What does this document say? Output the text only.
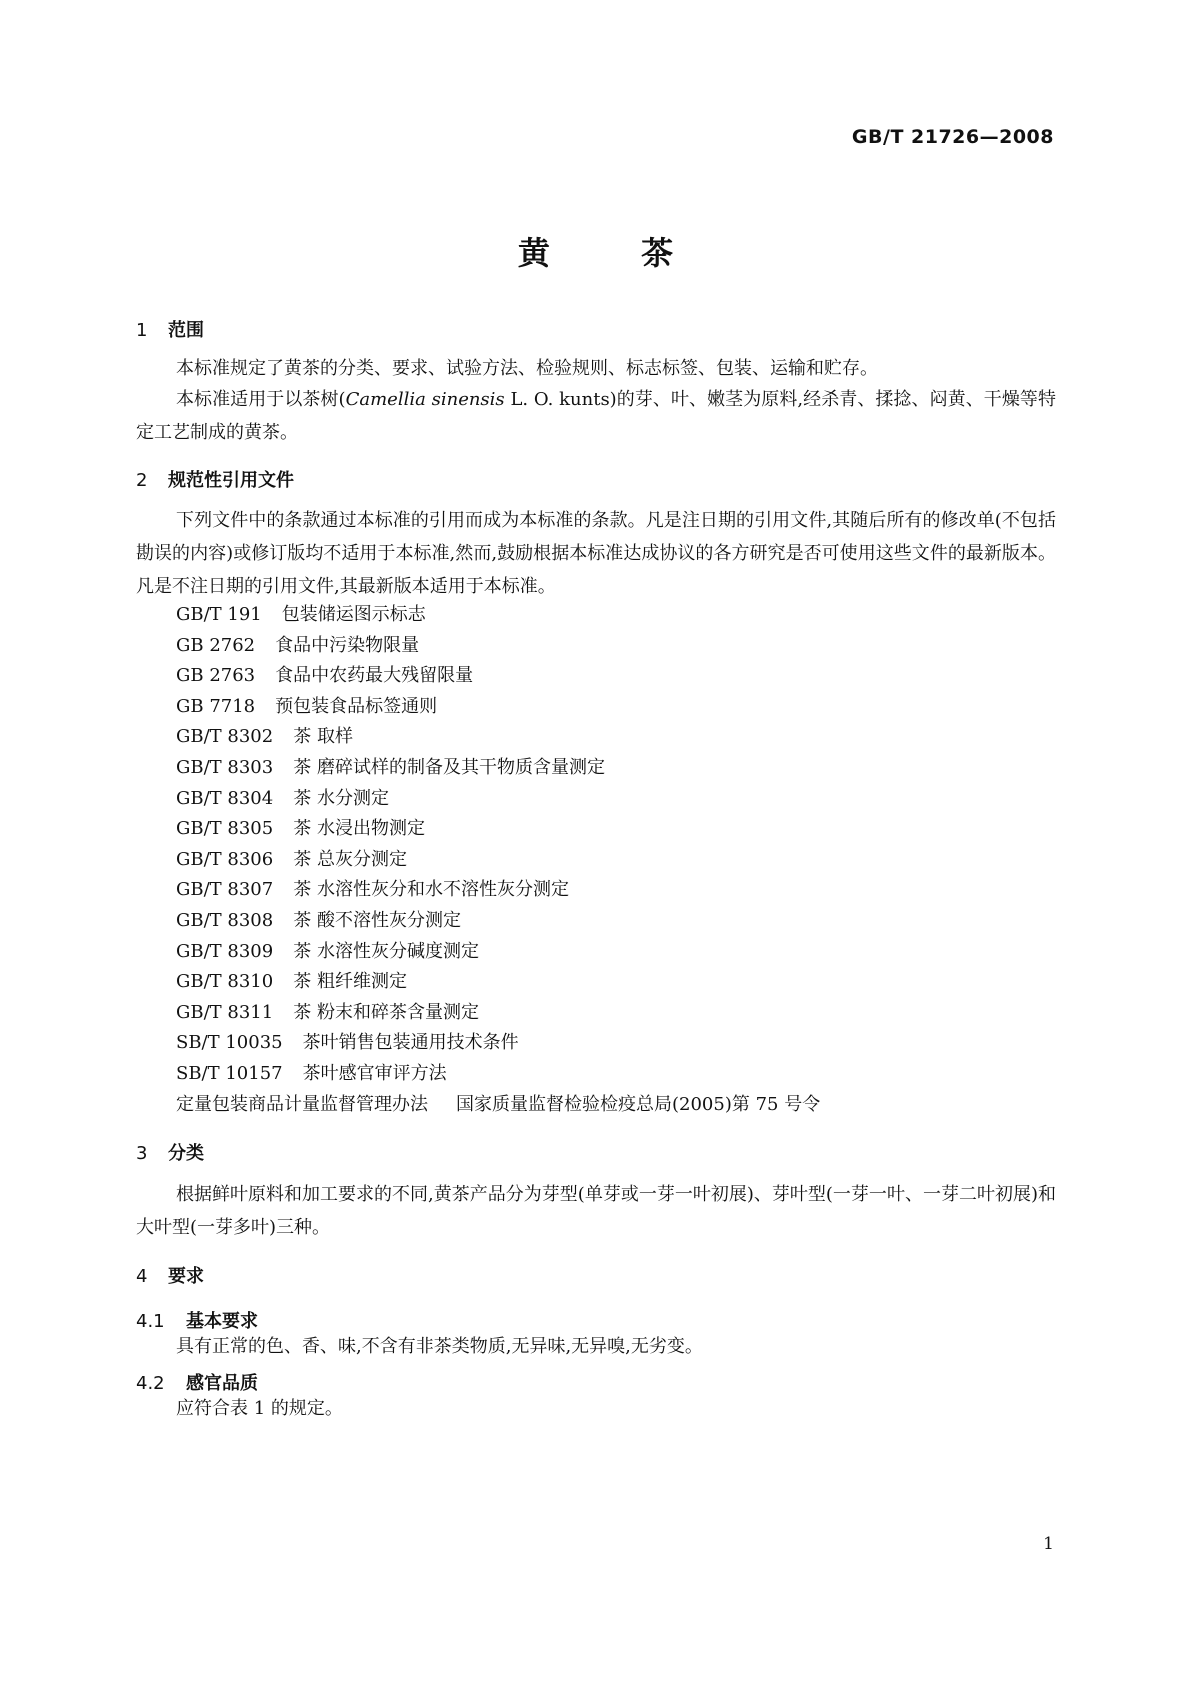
GB/T 21726—2008
黄 茶
1 范围
本标准规定了黄茶的分类、要求、试验方法、检验规则、标志标签、包装、运输和贮存。
本标准适用于以茶树(Camellia sinensis L. O. kunts)的芽、叶、嫩茎为原料,经杀青、揉捻、闷黄、干燥等特定工艺制成的黄茶。
2 规范性引用文件
下列文件中的条款通过本标准的引用而成为本标准的条款。凡是注日期的引用文件,其随后所有的修改单(不包括勘误的内容)或修订版均不适用于本标准,然而,鼓励根据本标准达成协议的各方研究是否可使用这些文件的最新版本。凡是不注日期的引用文件,其最新版本适用于本标准。
GB/T 191 包装储运图示标志
GB 2762 食品中污染物限量
GB 2763 食品中农药最大残留限量
GB 7718 预包装食品标签通则
GB/T 8302 茶 取样
GB/T 8303 茶 磨碎试样的制备及其干物质含量测定
GB/T 8304 茶 水分测定
GB/T 8305 茶 水浸出物测定
GB/T 8306 茶 总灰分测定
GB/T 8307 茶 水溶性灰分和水不溶性灰分测定
GB/T 8308 茶 酸不溶性灰分测定
GB/T 8309 茶 水溶性灰分碱度测定
GB/T 8310 茶 粗纤维测定
GB/T 8311 茶 粉末和碎茶含量测定
SB/T 10035 茶叶销售包装通用技术条件
SB/T 10157 茶叶感官审评方法
定量包装商品计量监督管理办法 国家质量监督检验检疫总局(2005)第 75 号令
3 分类
根据鲜叶原料和加工要求的不同,黄茶产品分为芽型(单芽或一芽一叶初展)、芽叶型(一芽一叶、一芽二叶初展)和大叶型(一芽多叶)三种。
4 要求
4.1 基本要求
具有正常的色、香、味,不含有非茶类物质,无异味,无异嗅,无劣变。
4.2 感官品质
应符合表 1 的规定。
1
